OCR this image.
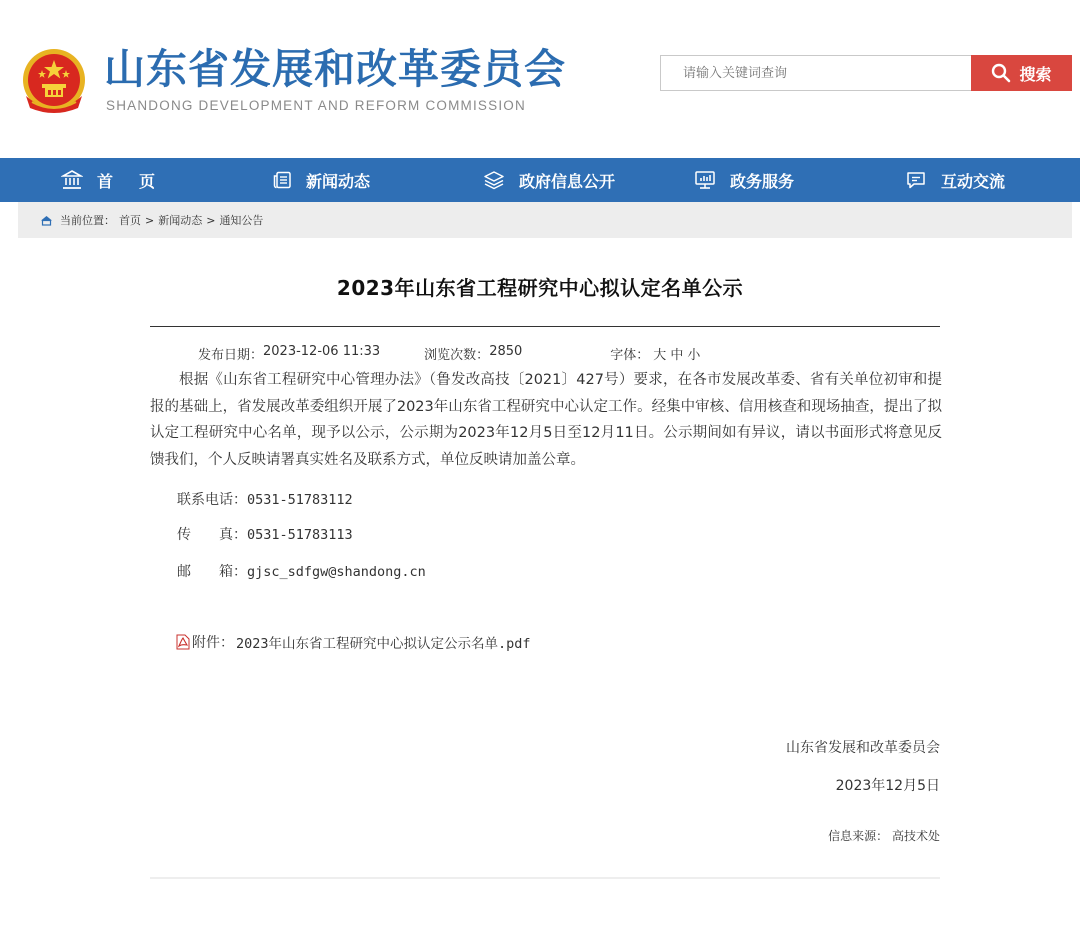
山东省发展和改革委员会
SHANDONG DEVELOPMENT AND REFORM COMMISSION
请输入关键词查询
搜索
首页	新闻动态	政府信息公开	政务服务	互动交流
当前位置： 首页 > 新闻动态 > 通知公告
2023年山东省工程研究中心拟认定名单公示
发布日期： 2023-12-06 11:33	浏览次数： 2850	字体： 大 中 小

根据《山东省工程研究中心管理办法》（鲁发改高技〔2021〕427号）要求，在各市发展改革委、省有关单位初审和提报的基础上，省发展改革委组织开展了2023年山东省工程研究中心认定工作。经集中审核、信用核查和现场抽查，提出了拟认定工程研究中心名单，现予以公示，公示期为2023年12月5日至12月11日。公示期间如有异议，请以书面形式将意见反馈我们，个人反映请署真实姓名及联系方式，单位反映请加盖公章。

联系电话：0531-51783112
传　　真：0531-51783113
邮　　箱：gjsc_sdfgw@shandong.cn
附件： 2023年山东省工程研究中心拟认定公示名单.pdf
山东省发展和改革委员会
2023年12月5日
信息来源： 高技术处
